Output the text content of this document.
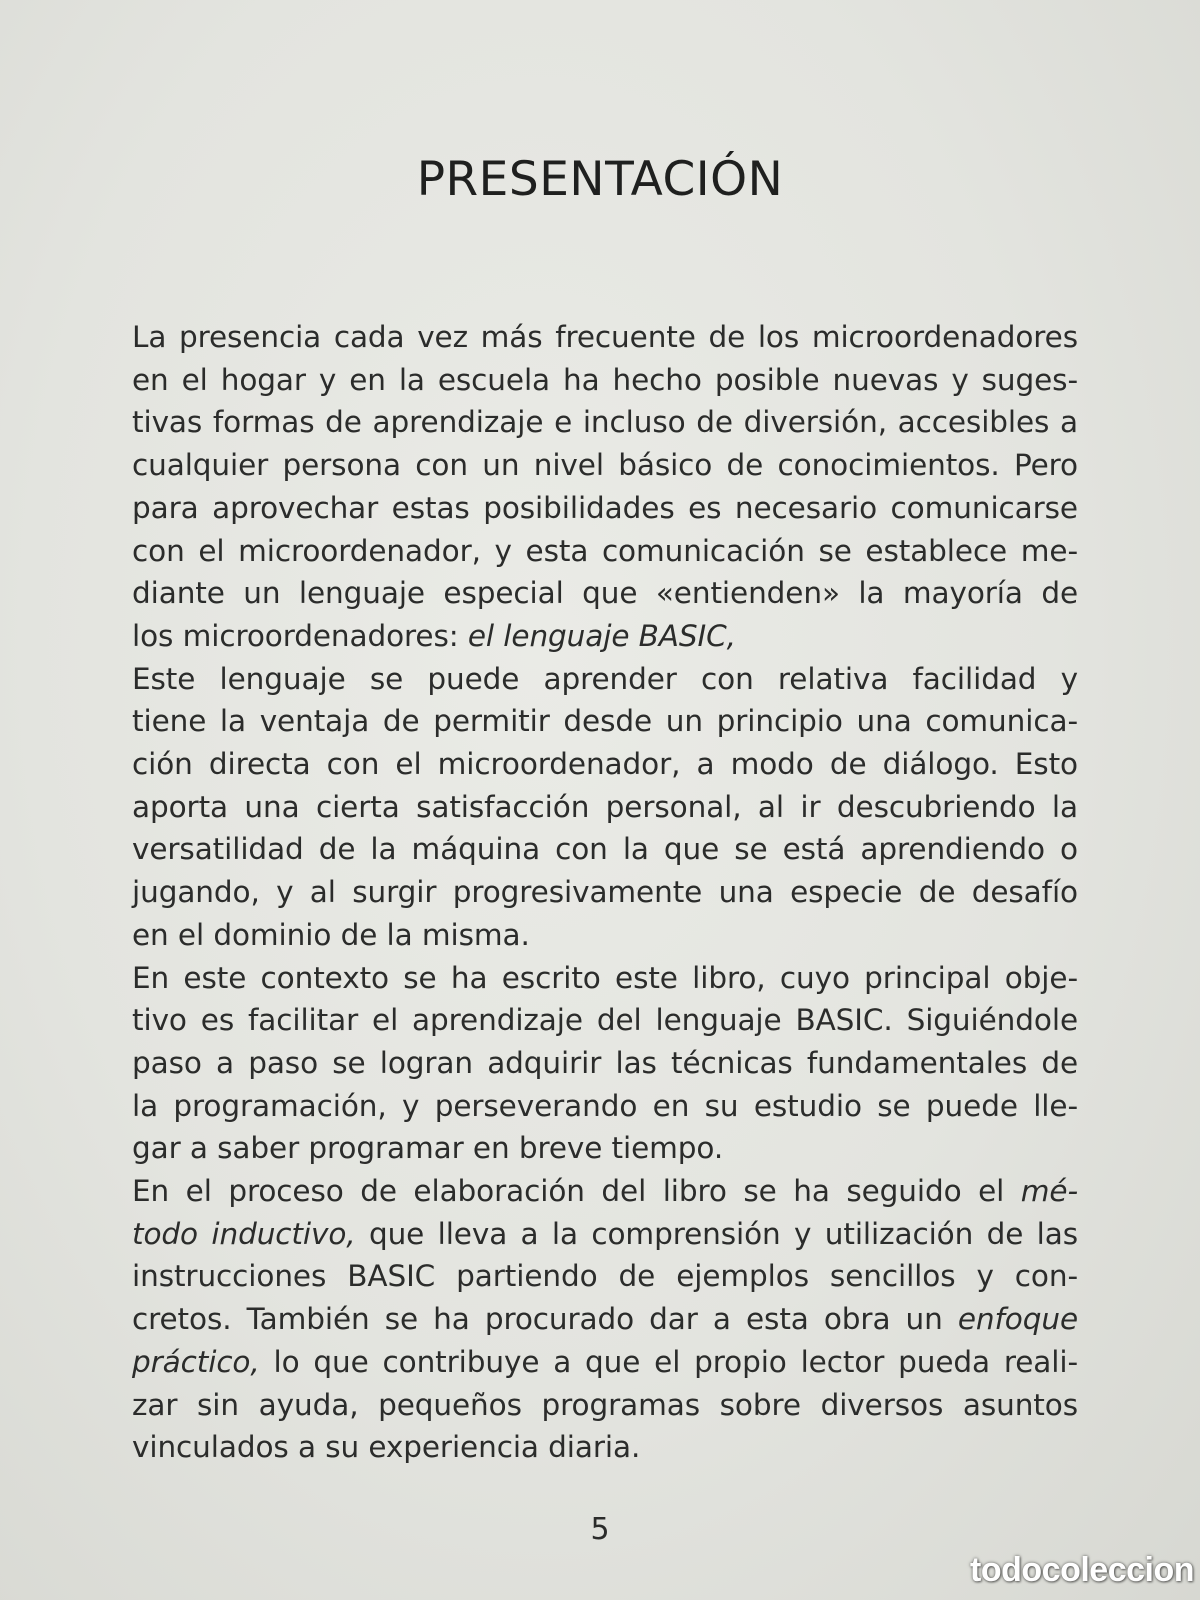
PRESENTACIÓN
La presencia cada vez más frecuente de los microordenadores
en el hogar y en la escuela ha hecho posible nuevas y suges-
tivas formas de aprendizaje e incluso de diversión, accesibles a
cualquier persona con un nivel básico de conocimientos. Pero
para aprovechar estas posibilidades es necesario comunicarse
con el microordenador, y esta comunicación se establece me-
diante un lenguaje especial que «entienden» la mayoría de
los microordenadores: el lenguaje BASIC,
Este lenguaje se puede aprender con relativa facilidad y
tiene la ventaja de permitir desde un principio una comunica-
ción directa con el microordenador, a modo de diálogo. Esto
aporta una cierta satisfacción personal, al ir descubriendo la
versatilidad de la máquina con la que se está aprendiendo o
jugando, y al surgir progresivamente una especie de desafío
en el dominio de la misma.
En este contexto se ha escrito este libro, cuyo principal obje-
tivo es facilitar el aprendizaje del lenguaje BASIC. Siguiéndole
paso a paso se logran adquirir las técnicas fundamentales de
la programación, y perseverando en su estudio se puede lle-
gar a saber programar en breve tiempo.
En el proceso de elaboración del libro se ha seguido el mé-
todo inductivo, que lleva a la comprensión y utilización de las
instrucciones BASIC partiendo de ejemplos sencillos y con-
cretos. También se ha procurado dar a esta obra un enfoque
práctico, lo que contribuye a que el propio lector pueda reali-
zar sin ayuda, pequeños programas sobre diversos asuntos
vinculados a su experiencia diaria.
5
todocoleccion
